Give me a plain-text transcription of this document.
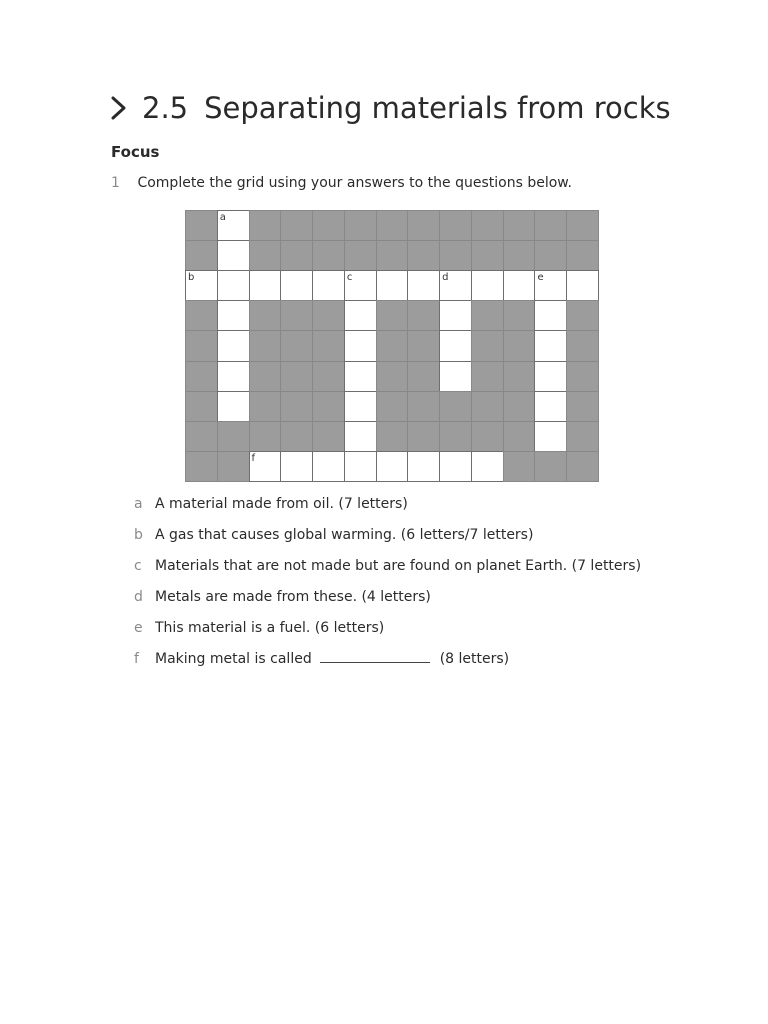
2.5 Separating materials from rocks
Focus
1 Complete the grid using your answers to the questions below.
a
b	c	d	e
f
a A material made from oil. (7 letters)
b A gas that causes global warming. (6 letters/7 letters)
c Materials that are not made but are found on planet Earth. (7 letters)
d Metals are made from these. (4 letters)
e This material is a fuel. (6 letters)
f Making metal is called	(8 letters)
